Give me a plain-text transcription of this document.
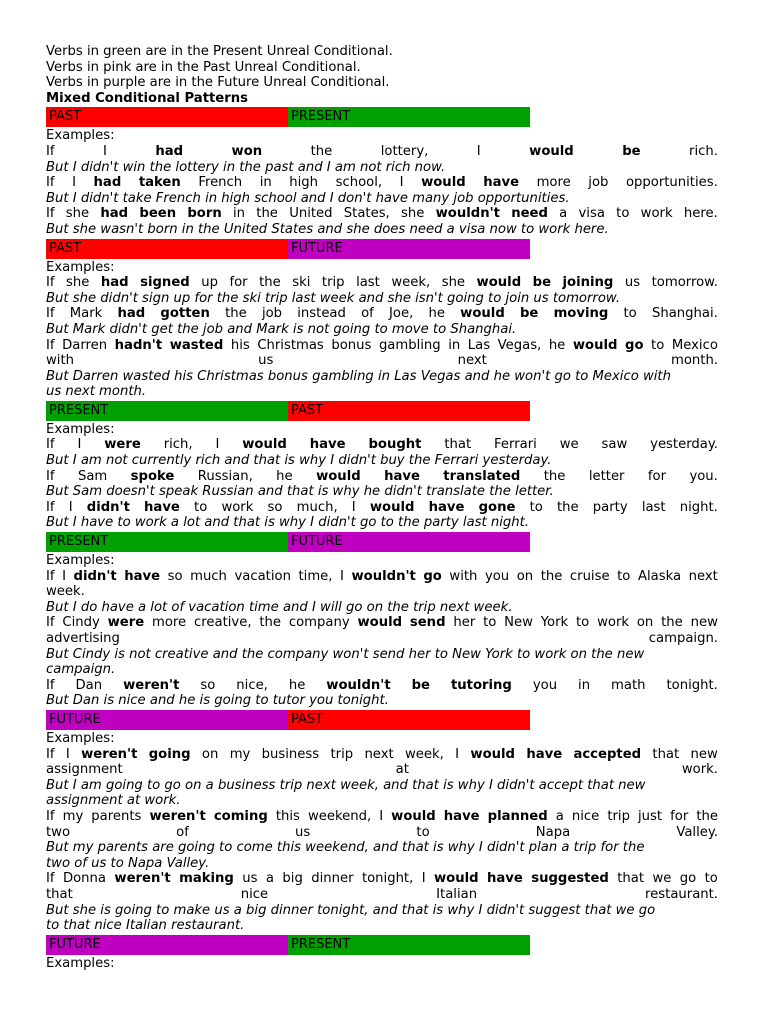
Verbs in green are in the Present Unreal Conditional.
Verbs in pink are in the Past Unreal Conditional.
Verbs in purple are in the Future Unreal Conditional.
Mixed Conditional Patterns
PAST	PRESENT
Examples:
If	I	had	won	the	lottery,	I	would	be	rich.
But I didn't win the lottery in the past and I am not rich now.
If I had taken French in high school, I would have more job opportunities.
But I didn't take French in high school and I don't have many job opportunities.
If she had been born in the United States, she wouldn't need a visa to work here.
But she wasn't born in the United States and she does need a visa now to work here.
PAST	FUTURE
Examples:
If she had signed up for the ski trip last week, she would be joining us tomorrow.
But she didn't sign up for the ski trip last week and she isn't going to join us tomorrow.
If Mark had gotten the job instead of Joe, he would be moving to Shanghai.
But Mark didn't get the job and Mark is not going to move to Shanghai.
If Darren hadn't wasted his Christmas bonus gambling in Las Vegas, he would go to Mexico
with	us	next	month.
But Darren wasted his Christmas bonus gambling in Las Vegas and he won't go to Mexico with
us next month.
PRESENT	PAST
Examples:
If I were rich, I would have bought that Ferrari we saw yesterday.
But I am not currently rich and that is why I didn't buy the Ferrari yesterday.
If Sam spoke Russian, he would have translated the letter for you.
But Sam doesn't speak Russian and that is why he didn't translate the letter.
If I didn't have to work so much, I would have gone to the party last night.
But I have to work a lot and that is why I didn't go to the party last night.
PRESENT	FUTURE
Examples:
If I didn't have so much vacation time, I wouldn't go with you on the cruise to Alaska next
week.
But I do have a lot of vacation time and I will go on the trip next week.
If Cindy were more creative, the company would send her to New York to work on the new
advertising	campaign.
But Cindy is not creative and the company won't send her to New York to work on the new
campaign.
If Dan weren't so nice, he wouldn't be tutoring you in math tonight.
But Dan is nice and he is going to tutor you tonight.
FUTURE	PAST
Examples:
If I weren't going on my business trip next week, I would have accepted that new
assignment	at	work.
But I am going to go on a business trip next week, and that is why I didn't accept that new
assignment at work.
If my parents weren't coming this weekend, I would have planned a nice trip just for the
two	of	us	to	Napa	Valley.
But my parents are going to come this weekend, and that is why I didn't plan a trip for the
two of us to Napa Valley.
If Donna weren't making us a big dinner tonight, I would have suggested that we go to
that	nice	Italian	restaurant.
But she is going to make us a big dinner tonight, and that is why I didn't suggest that we go
to that nice Italian restaurant.
FUTURE	PRESENT
Examples:
